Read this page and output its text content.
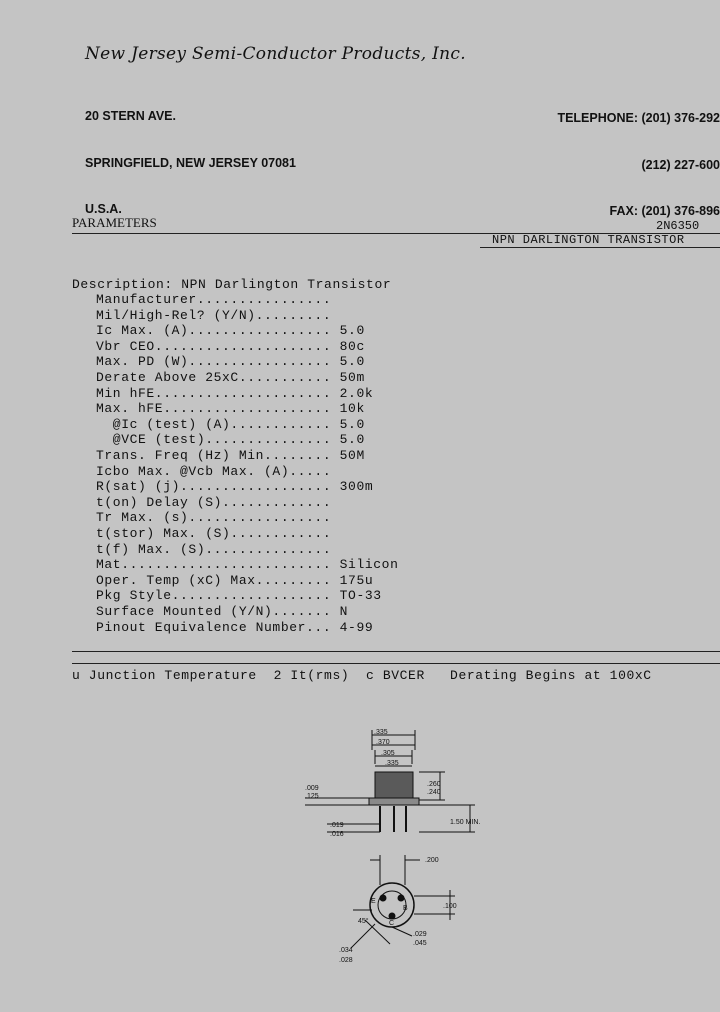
New Jersey Semi-Conductor Products, Inc.

20 STERN AVE.

SPRINGFIELD, NEW JERSEY 07081

U.S.A.

TELEPHONE: (201) 376-292

(212) 227-600

FAX: (201) 376-896

PARAMETERS	2N6350
NPN DARLINGTON TRANSISTOR
Description: NPN Darlington Transistor
Manufacturer................
Mil/High-Rel? (Y/N).........
Ic Max. (A)................. 5.0
Vbr CEO..................... 80c
Max. PD (W)................. 5.0
Derate Above 25xC........... 50m
Min hFE..................... 2.0k
Max. hFE.................... 10k
@Ic (test) (A)............ 5.0
@VCE (test)............... 5.0
Trans. Freq (Hz) Min........ 50M
Icbo Max. @Vcb Max. (A).....
R(sat) (j).................. 300m
t(on) Delay (S).............
Tr Max. (s).................
t(stor) Max. (S)............
t(f) Max. (S)...............
Mat......................... Silicon
Oper. Temp (xC) Max......... 175u
Pkg Style................... TO-33
Surface Mounted (Y/N)....... N
Pinout Equivalence Number... 4-99
u Junction Temperature  2 It(rms)  c BVCER   Derating Begins at 100xC
.335
.370
.305
.335
.009
.125
.260
.240
.019
.016
1.50 MIN.
.200
.100
.029
.045
.034
.028
45°
E
B
C
